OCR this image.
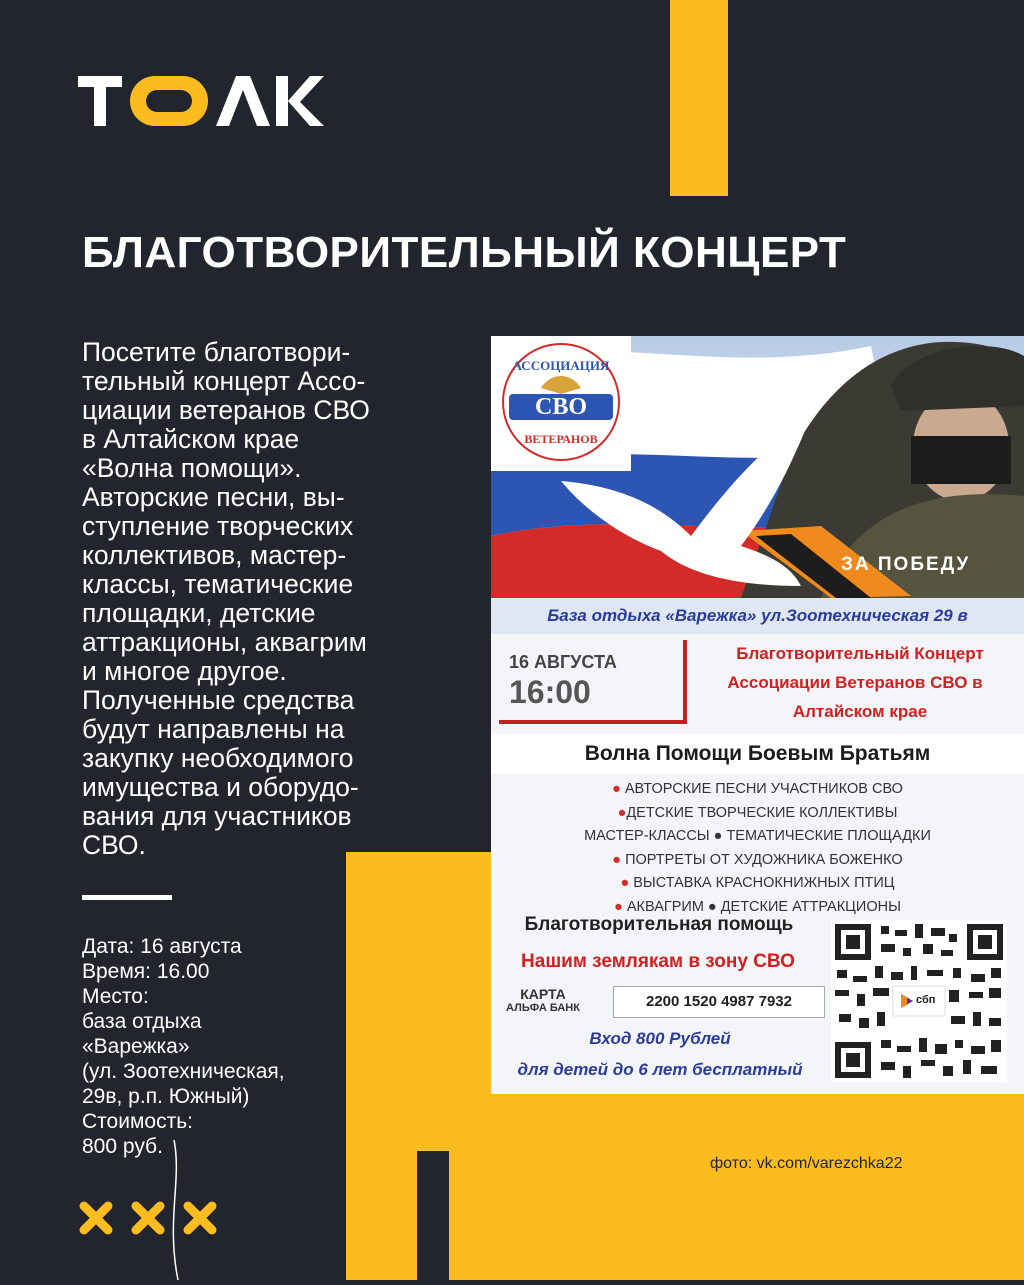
БЛАГОТВОРИТЕЛЬНЫЙ КОНЦЕРТ
Посетите благотвори-
тельный концерт Ассо-
циации ветеранов СВО
в Алтайском крае
«Волна помощи».
Авторские песни, вы-
ступление творческих
коллективов, мастер-
классы, тематические
площадки, детские
аттракционы, аквагрим
и многое другое.
Полученные средства
будут направлены на
закупку необходимого
имущества и оборудо-
вания для участников
СВО.
Дата: 16 августа
Время: 16.00
Место:
база отдыха
«Варежка»
(ул. Зоотехническая,
29в, р.п. Южный)
Стоимость:
800 руб.
фото: vk.com/varezchka22
АССОЦИАЦИЯ
СВО
ВЕТЕРАНОВ
ЗА ПОБЕДУ
База отдыха «Варежка» ул.Зоотехническая 29 в
16 АВГУСТА
16:00
Благотворительный Концерт
Ассоциации Ветеранов СВО в
Алтайском крае
Волна Помощи Боевым Братьям
● АВТОРСКИЕ ПЕСНИ УЧАСТНИКОВ СВО
●ДЕТСКИЕ ТВОРЧЕСКИЕ КОЛЛЕКТИВЫ
МАСТЕР-КЛАССЫ ● ТЕМАТИЧЕСКИЕ ПЛОЩАДКИ
● ПОРТРЕТЫ ОТ ХУДОЖНИКА БОЖЕНКО
● ВЫСТАВКА КРАСНОКНИЖНЫХ ПТИЦ
● АКВАГРИМ ● ДЕТСКИЕ АТТРАКЦИОНЫ
Благотворительная помощь
Нашим землякам в зону СВО
КАРТА
АЛЬФА БАНК	2200 1520 4987 7932
Вход 800 Рублей
для детей до 6 лет бесплатный
сбп
